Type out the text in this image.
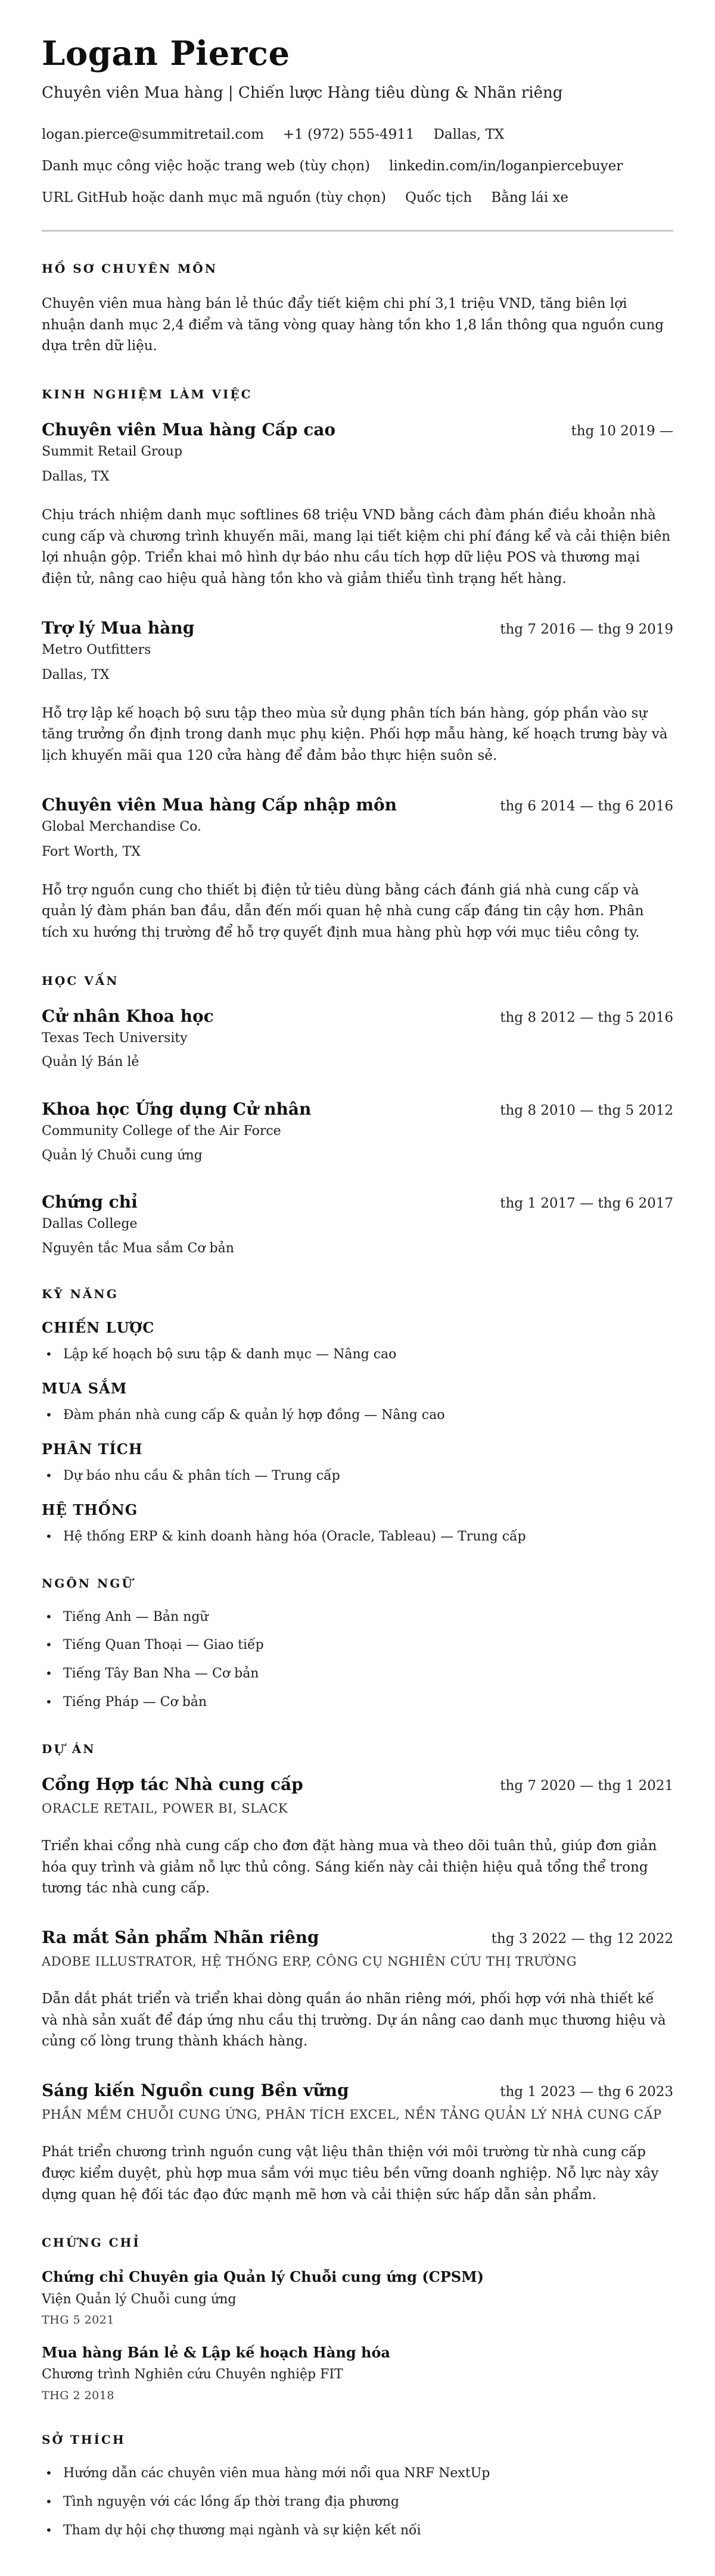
Logan Pierce

Chuyên viên Mua hàng | Chiến lược Hàng tiêu dùng & Nhãn riêng

logan.pierce@summitretail.com +1 (972) 555-4911 Dallas, TX
Danh mục công việc hoặc trang web (tùy chọn) linkedin.com/in/loganpiercebuyer
URL GitHub hoặc danh mục mã nguồn (tùy chọn) Quốc tịch Bằng lái xe
HỒ SƠ CHUYÊN MÔN

Chuyên viên mua hàng bán lẻ thúc đẩy tiết kiệm chi phí 3,1 triệu VND, tăng biên lợi nhuận danh mục 2,4 điểm và tăng vòng quay hàng tồn kho 1,8 lần thông qua nguồn cung dựa trên dữ liệu.

KINH NGHIỆM LÀM VIỆC
Chuyên viên Mua hàng Cấp cao	thg 10 2019 —
Summit Retail Group
Dallas, TX

Chịu trách nhiệm danh mục softlines 68 triệu VND bằng cách đàm phán điều khoản nhà cung cấp và chương trình khuyến mãi, mang lại tiết kiệm chi phí đáng kể và cải thiện biên lợi nhuận gộp. Triển khai mô hình dự báo nhu cầu tích hợp dữ liệu POS và thương mại điện tử, nâng cao hiệu quả hàng tồn kho và giảm thiểu tình trạng hết hàng.

Trợ lý Mua hàng	thg 7 2016 — thg 9 2019
Metro Outfitters
Dallas, TX

Hỗ trợ lập kế hoạch bộ sưu tập theo mùa sử dụng phân tích bán hàng, góp phần vào sự tăng trưởng ổn định trong danh mục phụ kiện. Phối hợp mẫu hàng, kế hoạch trưng bày và lịch khuyến mãi qua 120 cửa hàng để đảm bảo thực hiện suôn sẻ.

Chuyên viên Mua hàng Cấp nhập môn	thg 6 2014 — thg 6 2016
Global Merchandise Co.
Fort Worth, TX

Hỗ trợ nguồn cung cho thiết bị điện tử tiêu dùng bằng cách đánh giá nhà cung cấp và quản lý đàm phán ban đầu, dẫn đến mối quan hệ nhà cung cấp đáng tin cậy hơn. Phân tích xu hướng thị trường để hỗ trợ quyết định mua hàng phù hợp với mục tiêu công ty.

HỌC VẤN
Cử nhân Khoa học	thg 8 2012 — thg 5 2016
Texas Tech University
Quản lý Bán lẻ
Khoa học Ứng dụng Cử nhân	thg 8 2010 — thg 5 2012
Community College of the Air Force
Quản lý Chuỗi cung ứng
Chứng chỉ	thg 1 2017 — thg 6 2017
Dallas College
Nguyên tắc Mua sắm Cơ bản
KỸ NĂNG
CHIẾN LƯỢC
• Lập kế hoạch bộ sưu tập & danh mục — Nâng cao
MUA SẮM
• Đàm phán nhà cung cấp & quản lý hợp đồng — Nâng cao
PHÂN TÍCH
• Dự báo nhu cầu & phân tích — Trung cấp
HỆ THỐNG
• Hệ thống ERP & kinh doanh hàng hóa (Oracle, Tableau) — Trung cấp
NGÔN NGỮ
• Tiếng Anh — Bản ngữ
• Tiếng Quan Thoại — Giao tiếp
• Tiếng Tây Ban Nha — Cơ bản
• Tiếng Pháp — Cơ bản
DỰ ÁN
Cổng Hợp tác Nhà cung cấp	thg 7 2020 — thg 1 2021
ORACLE RETAIL, POWER BI, SLACK

Triển khai cổng nhà cung cấp cho đơn đặt hàng mua và theo dõi tuân thủ, giúp đơn giản hóa quy trình và giảm nỗ lực thủ công. Sáng kiến này cải thiện hiệu quả tổng thể trong tương tác nhà cung cấp.

Ra mắt Sản phẩm Nhãn riêng	thg 3 2022 — thg 12 2022
ADOBE ILLUSTRATOR, HỆ THỐNG ERP, CÔNG CỤ NGHIÊN CỨU THỊ TRƯỜNG

Dẫn dắt phát triển và triển khai dòng quần áo nhãn riêng mới, phối hợp với nhà thiết kế và nhà sản xuất để đáp ứng nhu cầu thị trường. Dự án nâng cao danh mục thương hiệu và củng cố lòng trung thành khách hàng.

Sáng kiến Nguồn cung Bền vững	thg 1 2023 — thg 6 2023
PHẦN MỀM CHUỖI CUNG ỨNG, PHÂN TÍCH EXCEL, NỀN TẢNG QUẢN LÝ NHÀ CUNG CẤP

Phát triển chương trình nguồn cung vật liệu thân thiện với môi trường từ nhà cung cấp được kiểm duyệt, phù hợp mua sắm với mục tiêu bền vững doanh nghiệp. Nỗ lực này xây dựng quan hệ đối tác đạo đức mạnh mẽ hơn và cải thiện sức hấp dẫn sản phẩm.

CHỨNG CHỈ
Chứng chỉ Chuyên gia Quản lý Chuỗi cung ứng (CPSM)
Viện Quản lý Chuỗi cung ứng
THG 5 2021
Mua hàng Bán lẻ & Lập kế hoạch Hàng hóa
Chương trình Nghiên cứu Chuyên nghiệp FIT
THG 2 2018
SỞ THÍCH
• Hướng dẫn các chuyên viên mua hàng mới nổi qua NRF NextUp
• Tình nguyện với các lồng ấp thời trang địa phương
• Tham dự hội chợ thương mại ngành và sự kiện kết nối
